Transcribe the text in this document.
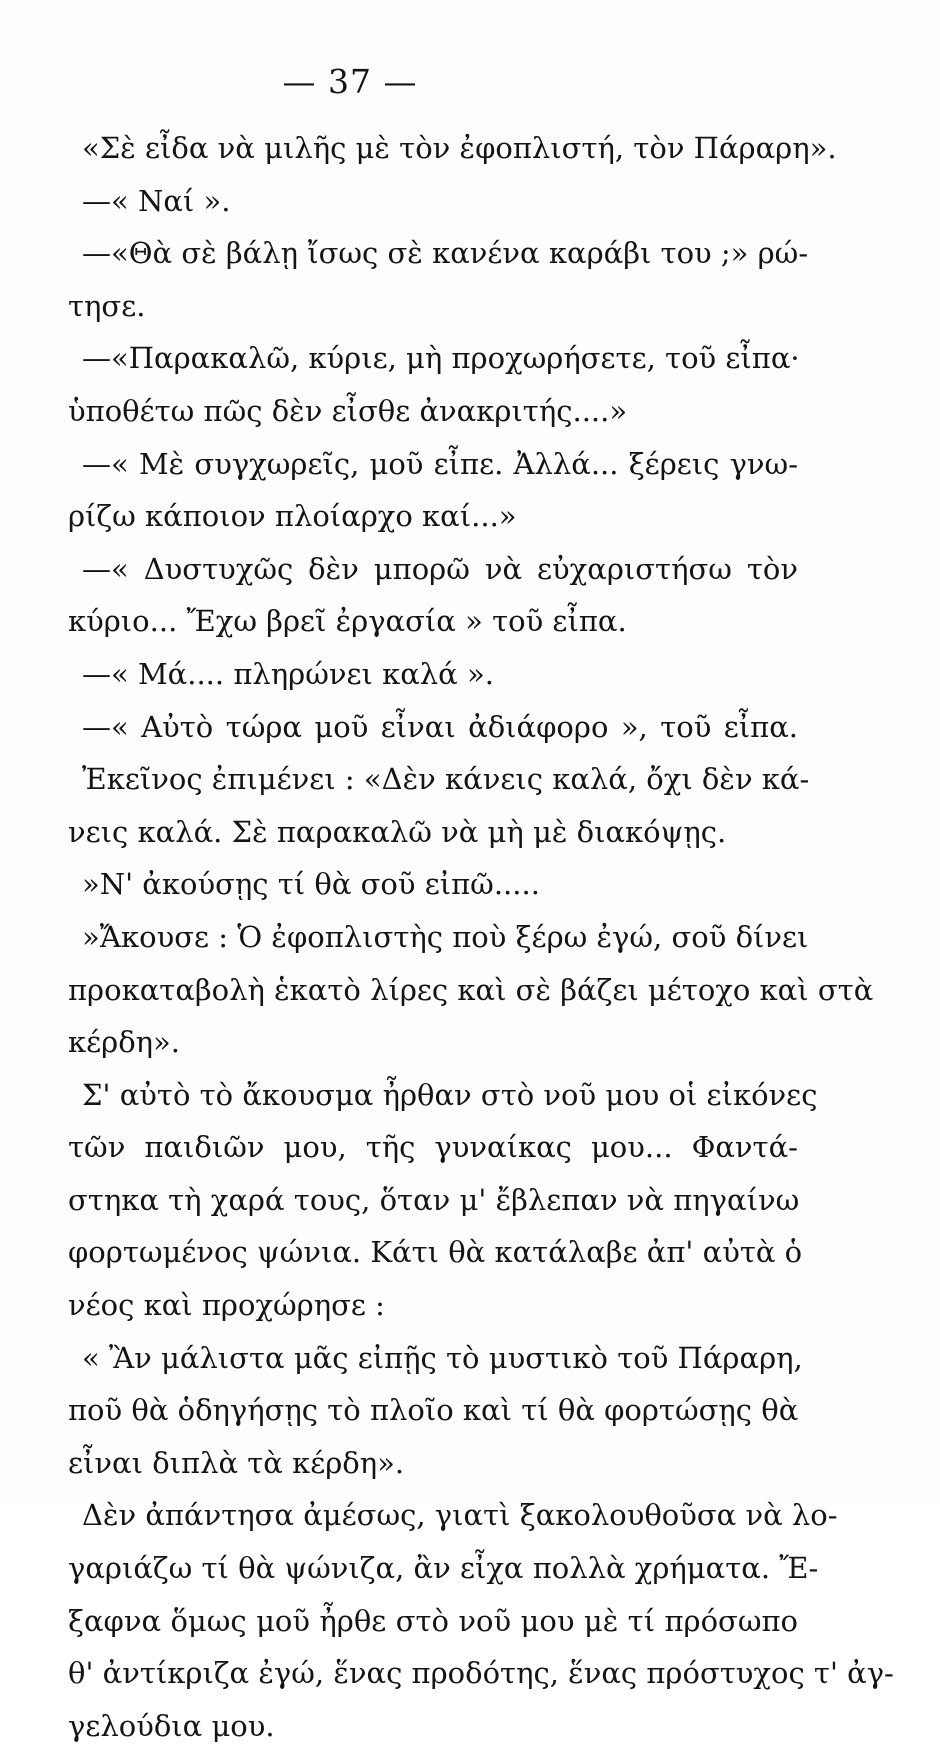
— 37 —
«Σὲ εἶδα νὰ μιλῆς μὲ τὸν ἐφοπλιστή, τὸν Πάραρη».
—« Ναί ».
—«Θὰ σὲ βάλῃ ἴσως σὲ κανένα καράβι του ;» ρώ-
τησε.
—«Παρακαλῶ, κύριε, μὴ προχωρήσετε, τοῦ εἶπα·
ὑποθέτω πῶς δὲν εἶσθε ἀνακριτής....»
—« Μὲ συγχωρεῖς, μοῦ εἶπε. Ἀλλά... ξέρεις γνω-
ρίζω κάποιον πλοίαρχο καί...»
—« Δυστυχῶς δὲν μπορῶ νὰ εὐχαριστήσω τὸν
κύριο... Ἔχω βρεῖ ἐργασία » τοῦ εἶπα.
—« Μά.... πληρώνει καλά ».
—« Αὐτὸ τώρα μοῦ εἶναι ἀδιάφορο », τοῦ εἶπα.
Ἐκεῖνος ἐπιμένει : «Δὲν κάνεις καλά, ὄχι δὲν κά-
νεις καλά. Σὲ παρακαλῶ νὰ μὴ μὲ διακόψῃς.
»Ν' ἀκούσῃς τί θὰ σοῦ εἰπῶ.....
»Ἄκουσε : Ὁ ἐφοπλιστὴς ποὺ ξέρω ἐγώ, σοῦ δίνει
προκαταβολὴ ἑκατὸ λίρες καὶ σὲ βάζει μέτοχο καὶ στὰ
κέρδη».
Σ' αὐτὸ τὸ ἄκουσμα ἦρθαν στὸ νοῦ μου οἱ εἰκόνες
τῶν παιδιῶν μου, τῆς γυναίκας μου... Φαντά-
στηκα τὴ χαρά τους, ὅταν μ' ἔβλεπαν νὰ πηγαίνω
φορτωμένος ψώνια. Κάτι θὰ κατάλαβε ἀπ' αὐτὰ ὁ
νέος καὶ προχώρησε :
« Ἂν μάλιστα μᾶς εἰπῇς τὸ μυστικὸ τοῦ Πάραρη,
ποῦ θὰ ὁδηγήσῃς τὸ πλοῖο καὶ τί θὰ φορτώσῃς θὰ
εἶναι διπλὰ τὰ κέρδη».
Δὲν ἀπάντησα ἀμέσως, γιατὶ ξακολουθοῦσα νὰ λο-
γαριάζω τί θὰ ψώνιζα, ἂν εἶχα πολλὰ χρήματα. Ἔ-
ξαφνα ὅμως μοῦ ἦρθε στὸ νοῦ μου μὲ τί πρόσωπο
θ' ἀντίκριζα ἐγώ, ἕνας προδότης, ἕνας πρόστυχος τ' ἀγ-
γελούδια μου.
